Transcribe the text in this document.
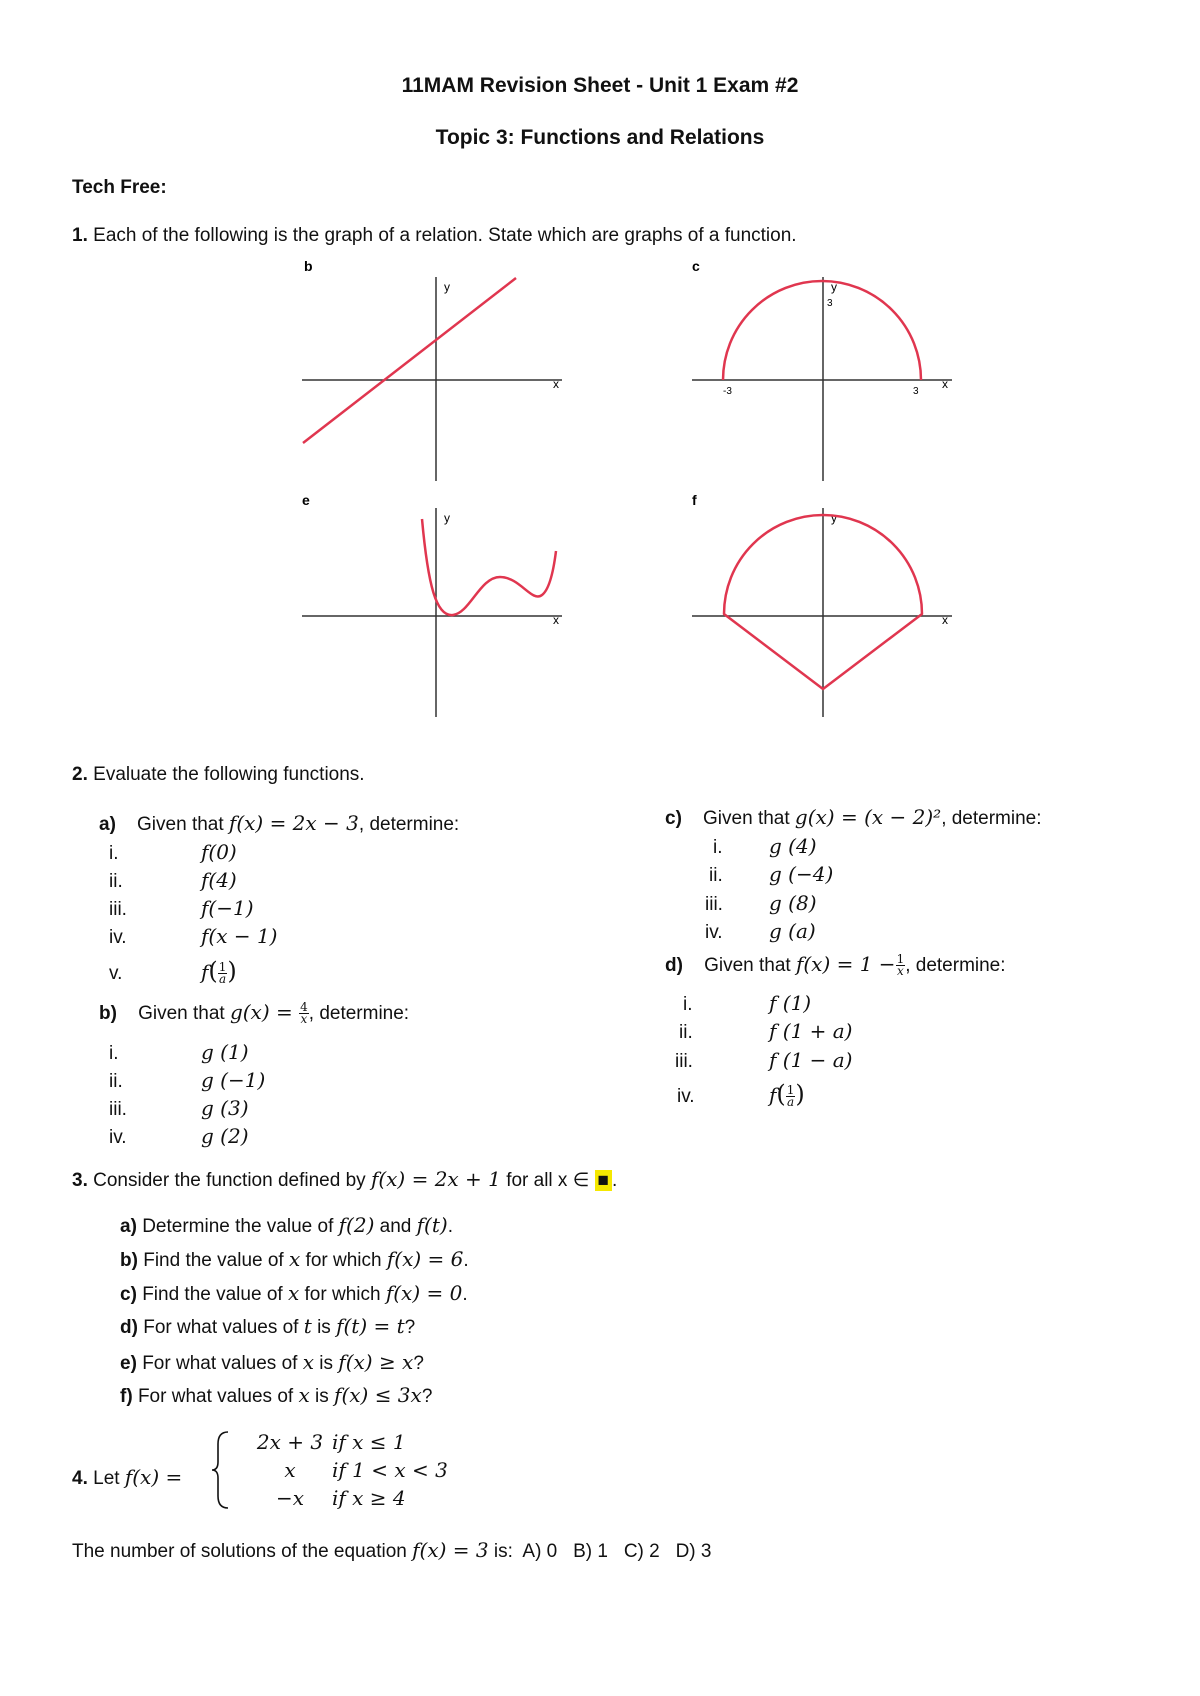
11MAM Revision Sheet - Unit 1 Exam #2
Topic 3: Functions and Relations
Tech Free:
1. Each of the following is the graph of a relation. State which are graphs of a function.
b
y
x
c
y
x
-3	3
3
e
y
x
f
y
x
2. Evaluate the following functions.
a) Given that f(x) = 2x − 3, determine:
i.	f(0)
ii.	f(4)
iii.	f(−1)
iv.	f(x − 1)
v.	$f( \frac{1}{a}$ )
b) Given that $g(x) = \frac{4}{x}$ , determine:
i.	g (1)
ii.	g (−1)
iii.	g (3)
iv.	g (2)
c) Given that g(x) = (x − 2)², determine:
i. g (4)
ii. g (−4)
iii. g (8)
iv. g (a)
d) Given that $f(x) = 1 - \frac{1}{x}$ , determine:
i.	f (1)
ii.	f (1 + a)
iii.	f (1 − a)
iv.	$f( \frac{1}{a}$ )
3. Consider the function defined by f(x) = 2x + 1 for all x ∈ ■ .
a) Determine the value of f(2) and f(t).
b) Find the value of x for which f(x) = 6.
c) Find the value of x for which f(x) = 0.
d) For what values of t is f(t) = t?
e) For what values of x is f(x) ≥ x?
f) For what values of x is f(x) ≤ 3x?
4. Let f(x) =
2x + 3 if x ≤ 1
x if 1 < x < 3
−x if x ≥ 4
The number of solutions of the equation f(x) = 3 is: A) 0 B) 1 C) 2 D) 3
